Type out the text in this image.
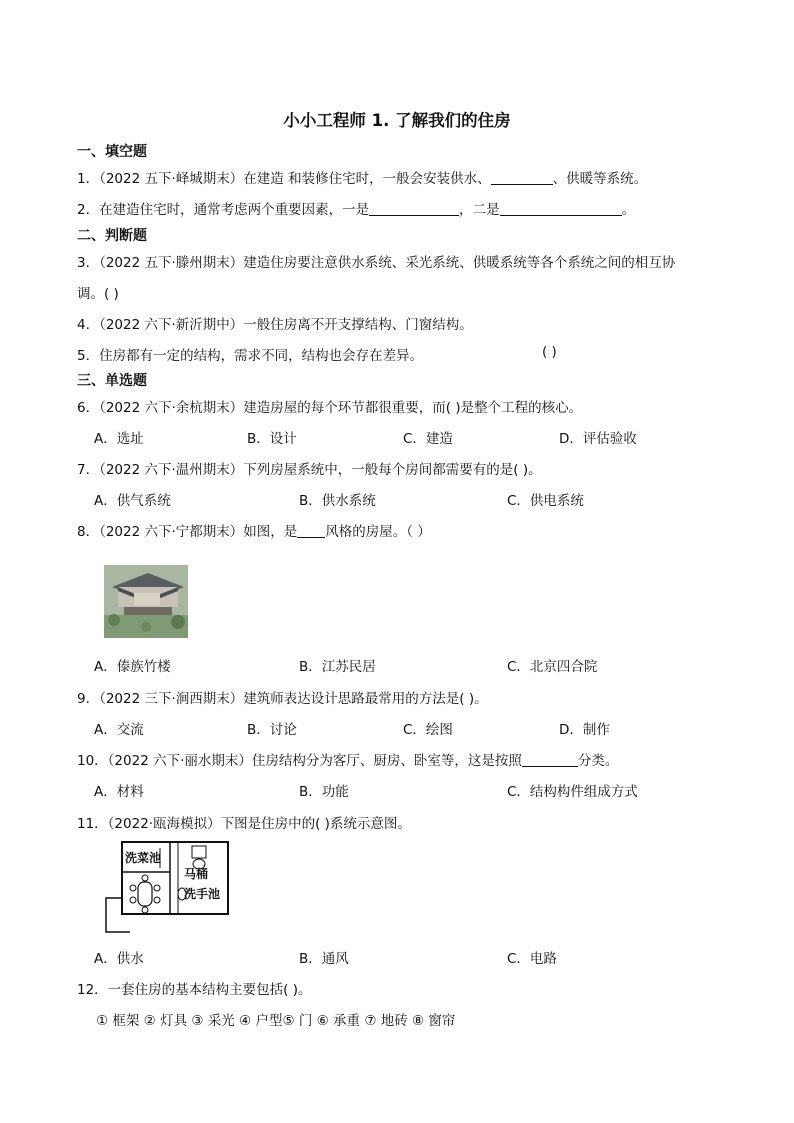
小小工程师 1. 了解我们的住房
一、填空题
1．（2022 五下·峄城期末）在建造 和装修住宅时，一般会安装供水、	、供暖等系统。
2．在建造住宅时，通常考虑两个重要因素，一是	，二是	。
二、判断题
3．（2022 五下·滕州期末）建造住房要注意供水系统、采光系统、供暖系统等各个系统之间的相互协
调。( )
4．（2022 六下·新沂期中）一般住房离不开支撑结构、门窗结构。
5．住房都有一定的结构，需求不同，结构也会存在差异。	( )
三、单选题
6．（2022 六下·余杭期末）建造房屋的每个环节都很重要，而( )是整个工程的核心。
A．选址	B．设计	C．建造	D．评估验收
7．（2022 六下·温州期末）下列房屋系统中，一般每个房间都需要有的是( )。
A．供气系统	B．供水系统	C．供电系统
8．（2022 六下·宁都期末）如图，是 风格的房屋。（ ）
A．傣族竹楼	B．江苏民居	C．北京四合院
9．（2022 三下·涧西期末）建筑师表达设计思路最常用的方法是( )。
A．交流	B．讨论	C．绘图	D．制作
10．（2022 六下·丽水期末）住房结构分为客厅、厨房、卧室等，这是按照	分类。
A．材料	B．功能	C．结构构件组成方式
11．（2022·瓯海模拟）下图是住房中的( )系统示意图。
洗菜池
马桶
洗手池
A．供水	B．通风	C．电路
12．一套住房的基本结构主要包括( )。
① 框架 ② 灯具 ③ 采光 ④ 户型⑤ 门 ⑥ 承重 ⑦ 地砖 ⑧ 窗帘
